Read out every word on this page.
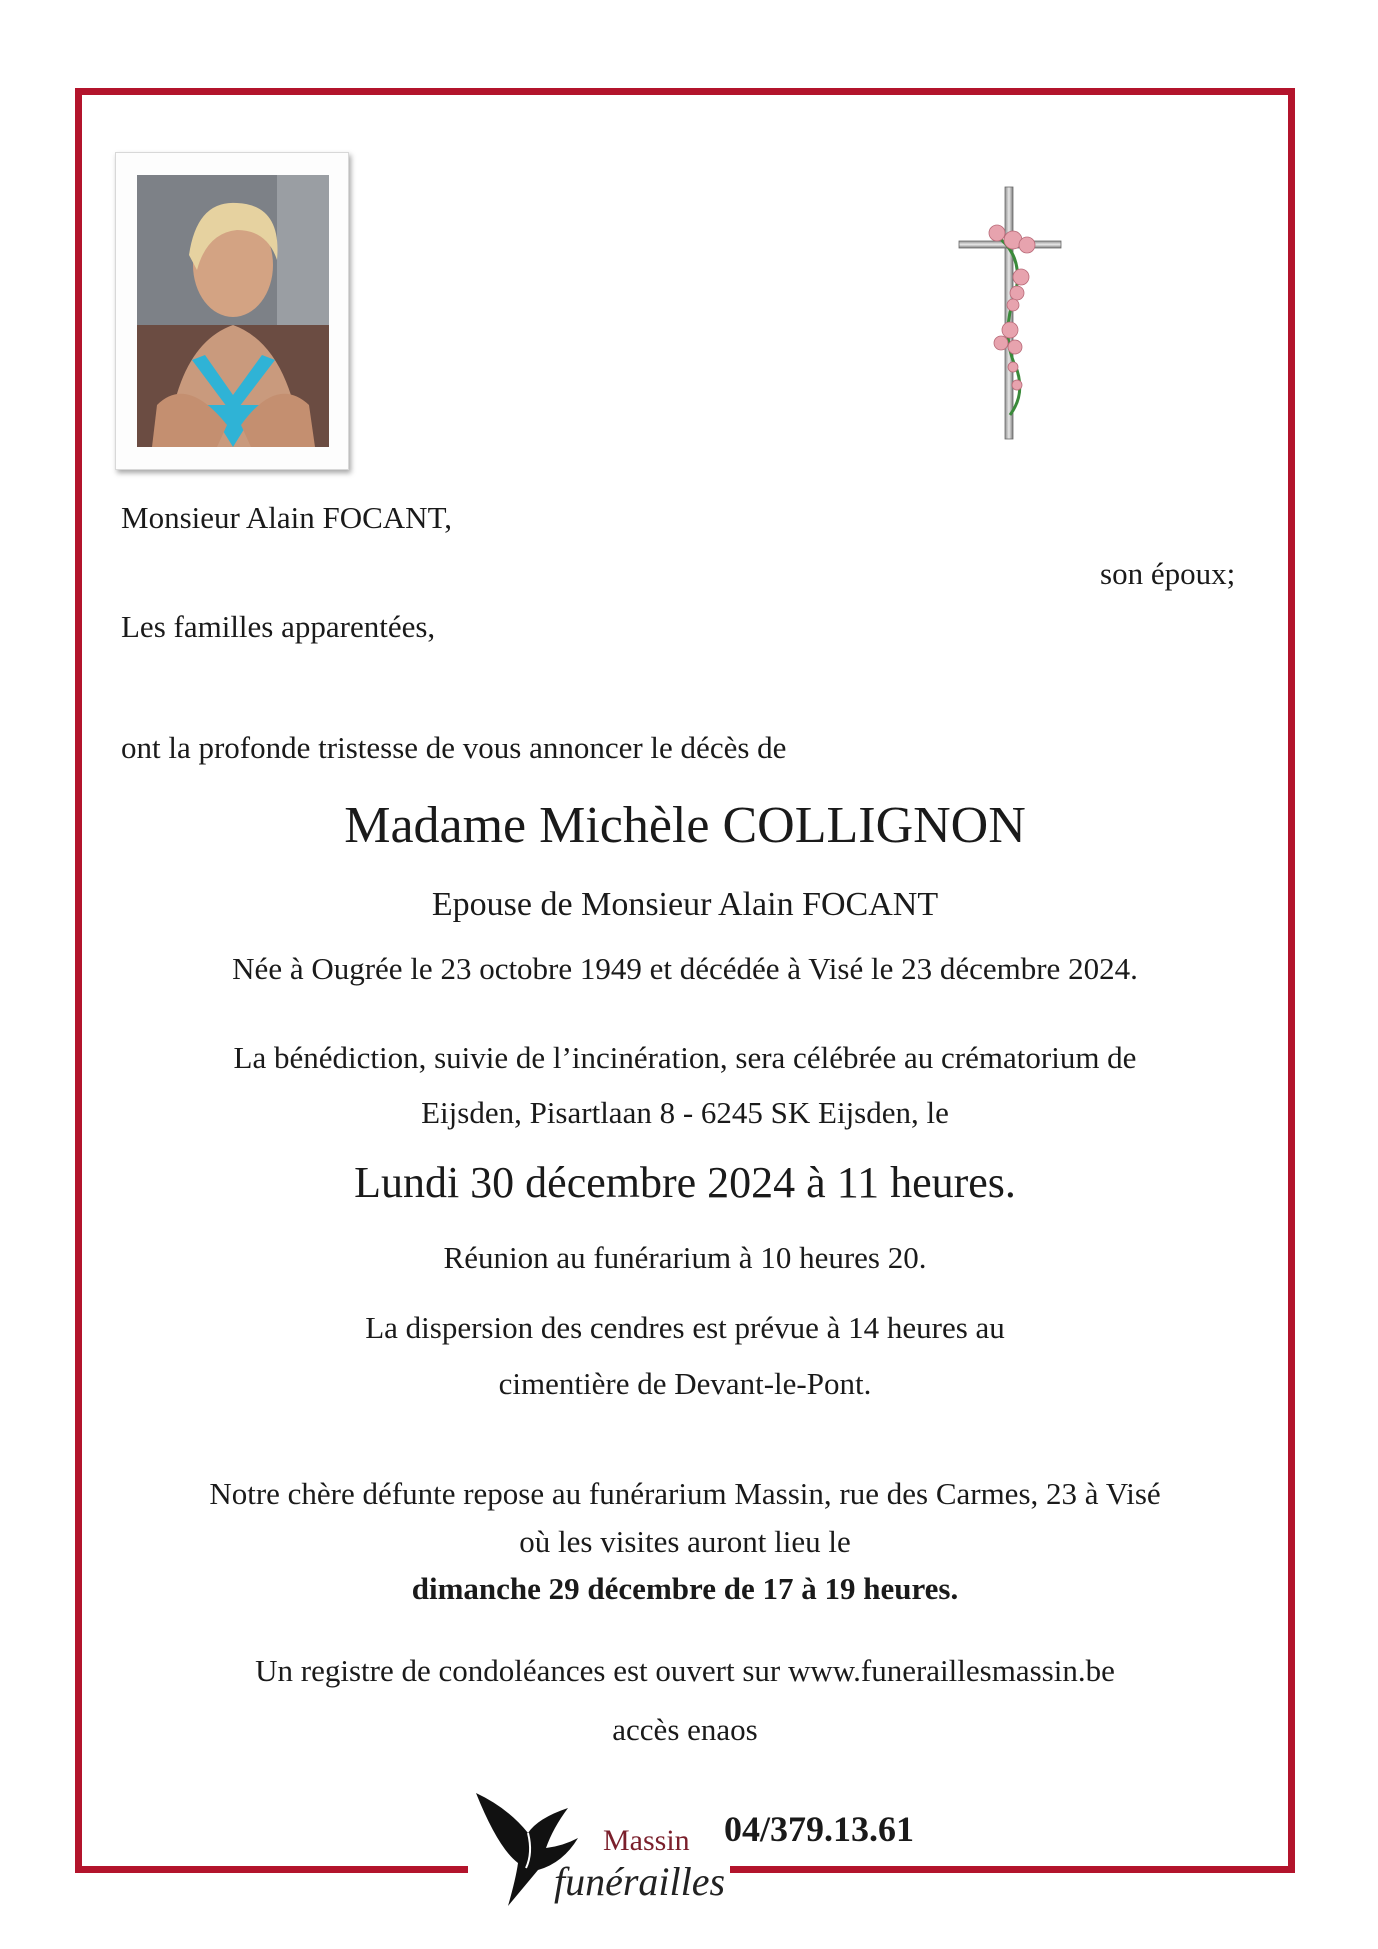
Monsieur Alain FOCANT,
son époux;
Les familles apparentées,
ont la profonde tristesse de vous annoncer le décès de
Madame Michèle COLLIGNON
Epouse de Monsieur Alain FOCANT
Née à Ougrée le 23 octobre 1949 et décédée à Visé le 23 décembre 2024.
La bénédiction, suivie de l’incinération, sera célébrée au crématorium de
Eijsden, Pisartlaan 8 - 6245 SK Eijsden, le
Lundi 30 décembre 2024 à 11 heures.
Réunion au funérarium à 10 heures 20.
La dispersion des cendres est prévue à 14 heures au
cimentière de Devant-le-Pont.
Notre chère défunte repose au funérarium Massin, rue des Carmes, 23 à Visé
où les visites auront lieu le
dimanche 29 décembre de 17 à 19 heures.
Un registre de condoléances est ouvert sur www.funeraillesmassin.be
accès enaos
Massin
funérailles
04/379.13.61
